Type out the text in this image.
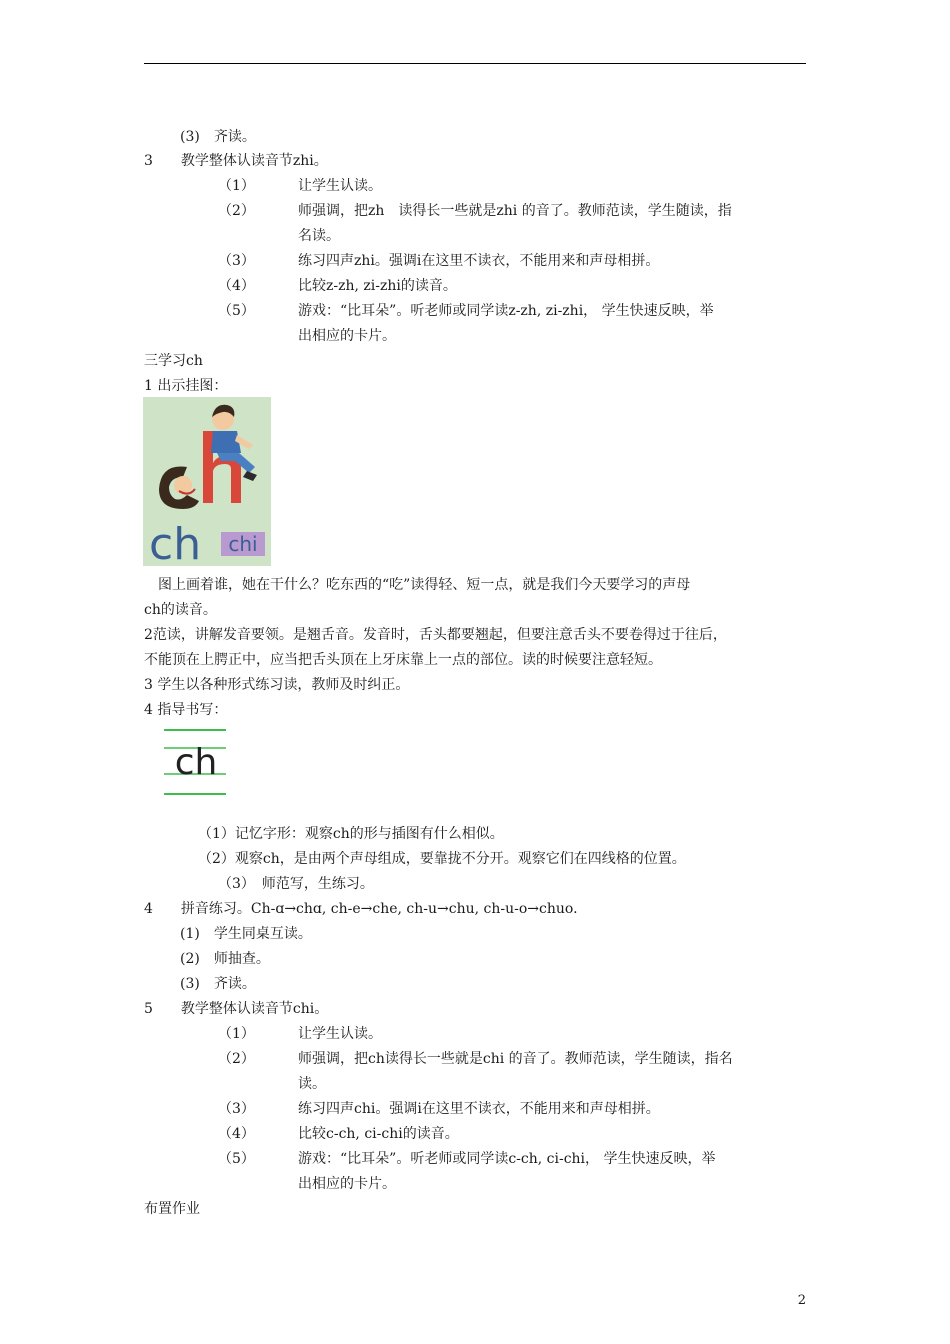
(3)　齐读。
3　　教学整体认读音节zhi。
（1）	让学生认读。
（2）	师强调，把zh　读得长一些就是zhi 的音了。教师范读，学生随读，指
名读。
（3）	练习四声zhi。强调i在这里不读衣，不能用来和声母相拼。
（4）	比较z-zh, zi-zhi的读音。
（5）	游戏：“比耳朵”。听老师或同学读z-zh, zi-zhi， 学生快速反映，举
出相应的卡片。
三学习ch
1 出示挂图：
图上画着谁，她在干什么？吃东西的“吃”读得轻、短一点，就是我们今天要学习的声母
ch的读音。
2范读，讲解发音要领。是翘舌音。发音时，舌头都要翘起，但要注意舌头不要卷得过于往后，
不能顶在上腭正中，应当把舌头顶在上牙床靠上一点的部位。读的时候要注意轻短。
3 学生以各种形式练习读，教师及时纠正。
4 指导书写：
（1）记忆字形：观察ch的形与插图有什么相似。
（2）观察ch，是由两个声母组成，要靠拢不分开。观察它们在四线格的位置。
（3）　师范写，生练习。
4　　拼音练习。Ch-ɑ→chɑ, ch-e→che, ch-u→chu, ch-u-o→chuo.
(1)　学生同桌互读。
(2)　师抽查。
(3)　齐读。
5　　教学整体认读音节chi。
（1）	让学生认读。
（2）	师强调，把ch读得长一些就是chi 的音了。教师范读，学生随读，指名
读。
（3）	练习四声chi。强调i在这里不读衣，不能用来和声母相拼。
（4）	比较c-ch, ci-chi的读音。
（5）	游戏：“比耳朵”。听老师或同学读c-ch, ci-chi， 学生快速反映，举
出相应的卡片。
布置作业
ch chi
ch
2
